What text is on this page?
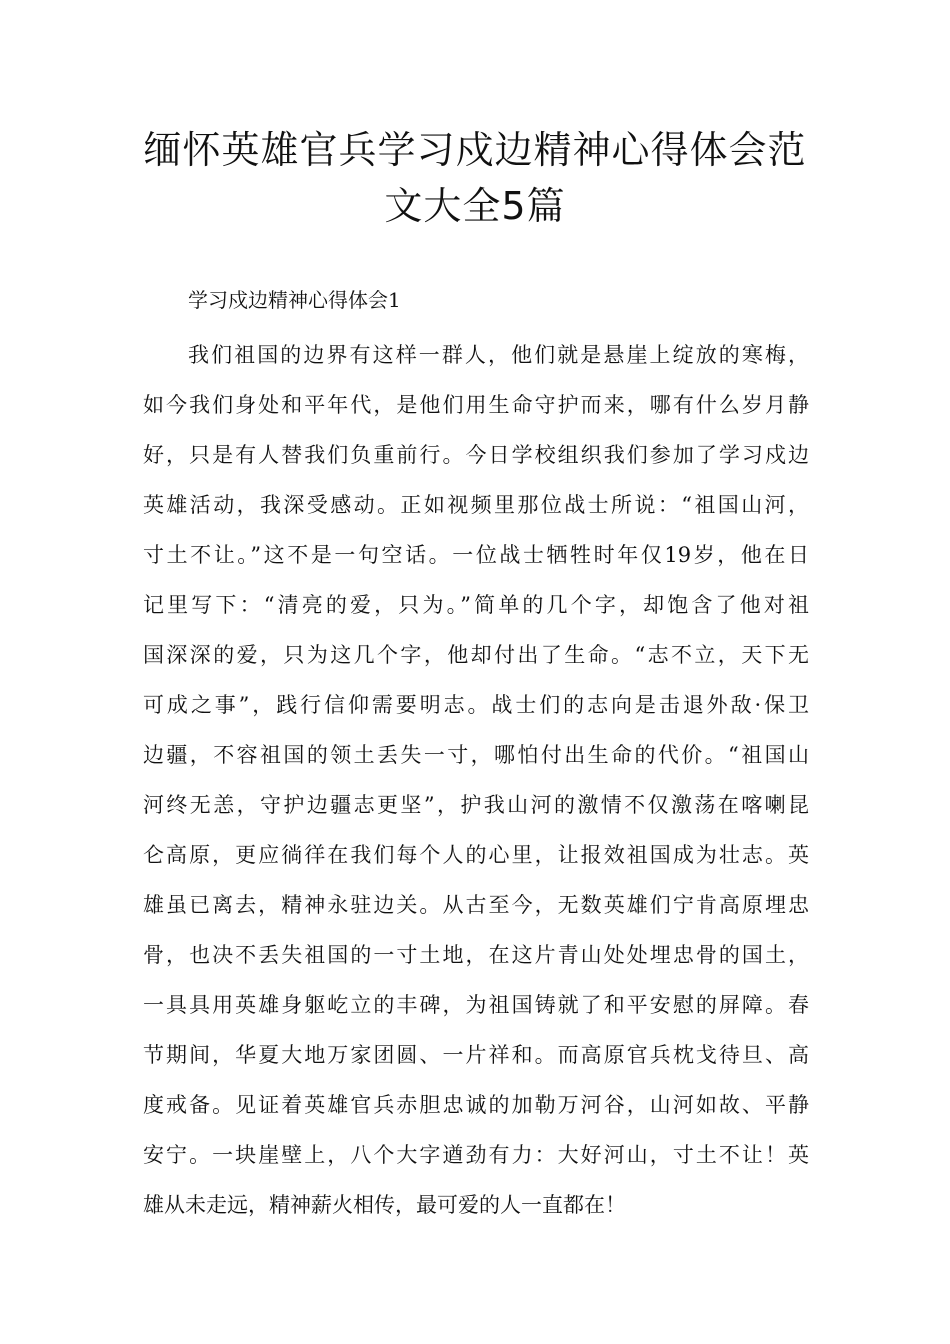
缅怀英雄官兵学习戍边精神心得体会范
文大全5篇
学习戍边精神心得体会1
我们祖国的边界有这样一群人，他们就是悬崖上绽放的寒梅，
如今我们身处和平年代，是他们用生命守护而来，哪有什么岁月静
好，只是有人替我们负重前行。今日学校组织我们参加了学习戍边
英雄活动，我深受感动。正如视频里那位战士所说：“祖国山河，
寸土不让。”这不是一句空话。一位战士牺牲时年仅19岁，他在日
记里写下：“清亮的爱，只为。”简单的几个字，却饱含了他对祖
国深深的爱，只为这几个字，他却付出了生命。“志不立，天下无
可成之事”，践行信仰需要明志。战士们的志向是击退外敌·保卫
边疆，不容祖国的领土丢失一寸，哪怕付出生命的代价。“祖国山
河终无恙，守护边疆志更坚”，护我山河的激情不仅激荡在喀喇昆
仑高原，更应徜徉在我们每个人的心里，让报效祖国成为壮志。英
雄虽已离去，精神永驻边关。从古至今，无数英雄们宁肯高原埋忠
骨，也决不丢失祖国的一寸土地，在这片青山处处埋忠骨的国土，
一具具用英雄身躯屹立的丰碑，为祖国铸就了和平安慰的屏障。春
节期间，华夏大地万家团圆、一片祥和。而高原官兵枕戈待旦、高
度戒备。见证着英雄官兵赤胆忠诚的加勒万河谷，山河如故、平静
安宁。一块崖壁上，八个大字遒劲有力：大好河山，寸土不让！英
雄从未走远，精神薪火相传，最可爱的人一直都在！
